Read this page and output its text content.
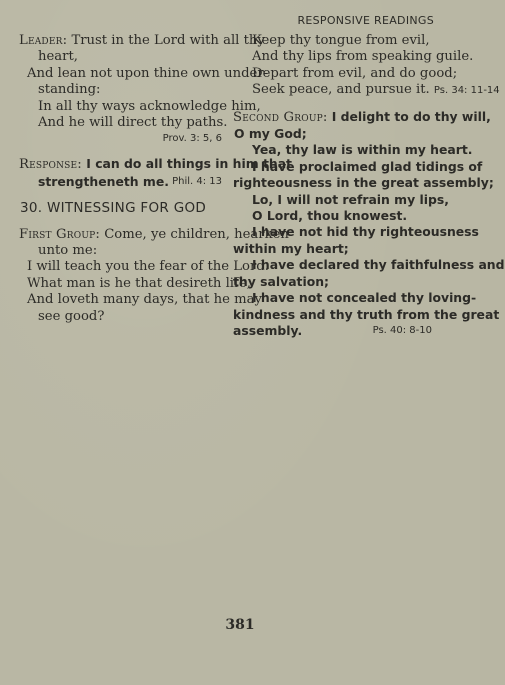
RESPONSIVE READINGS
Leader: Trust in the Lord with all thy
heart,
And lean not upon thine own under-
standing:
In all thy ways acknowledge him,
And he will direct thy paths.
Prov. 3: 5, 6
Response: I can do all things in him that
strengtheneth me. Phil. 4: 13
30. WITNESSING FOR GOD
First Group: Come, ye children, hearken
unto me:
I will teach you the fear of the Lord.
What man is he that desireth life,
And loveth many days, that he may
see good?
Keep thy tongue from evil,
And thy lips from speaking guile.
Depart from evil, and do good;
Seek peace, and pursue it. Ps. 34: 11-14
Second Group: I delight to do thy will,
O my God;
Yea, thy law is within my heart.
I have proclaimed glad tidings of
righteousness in the great assembly;
Lo, I will not refrain my lips,
O Lord, thou knowest.
I have not hid thy righteousness
within my heart;
I have declared thy faithfulness and
thy salvation;
I have not concealed thy loving-
kindness and thy truth from the great
assembly.	Ps. 40: 8-10
381
